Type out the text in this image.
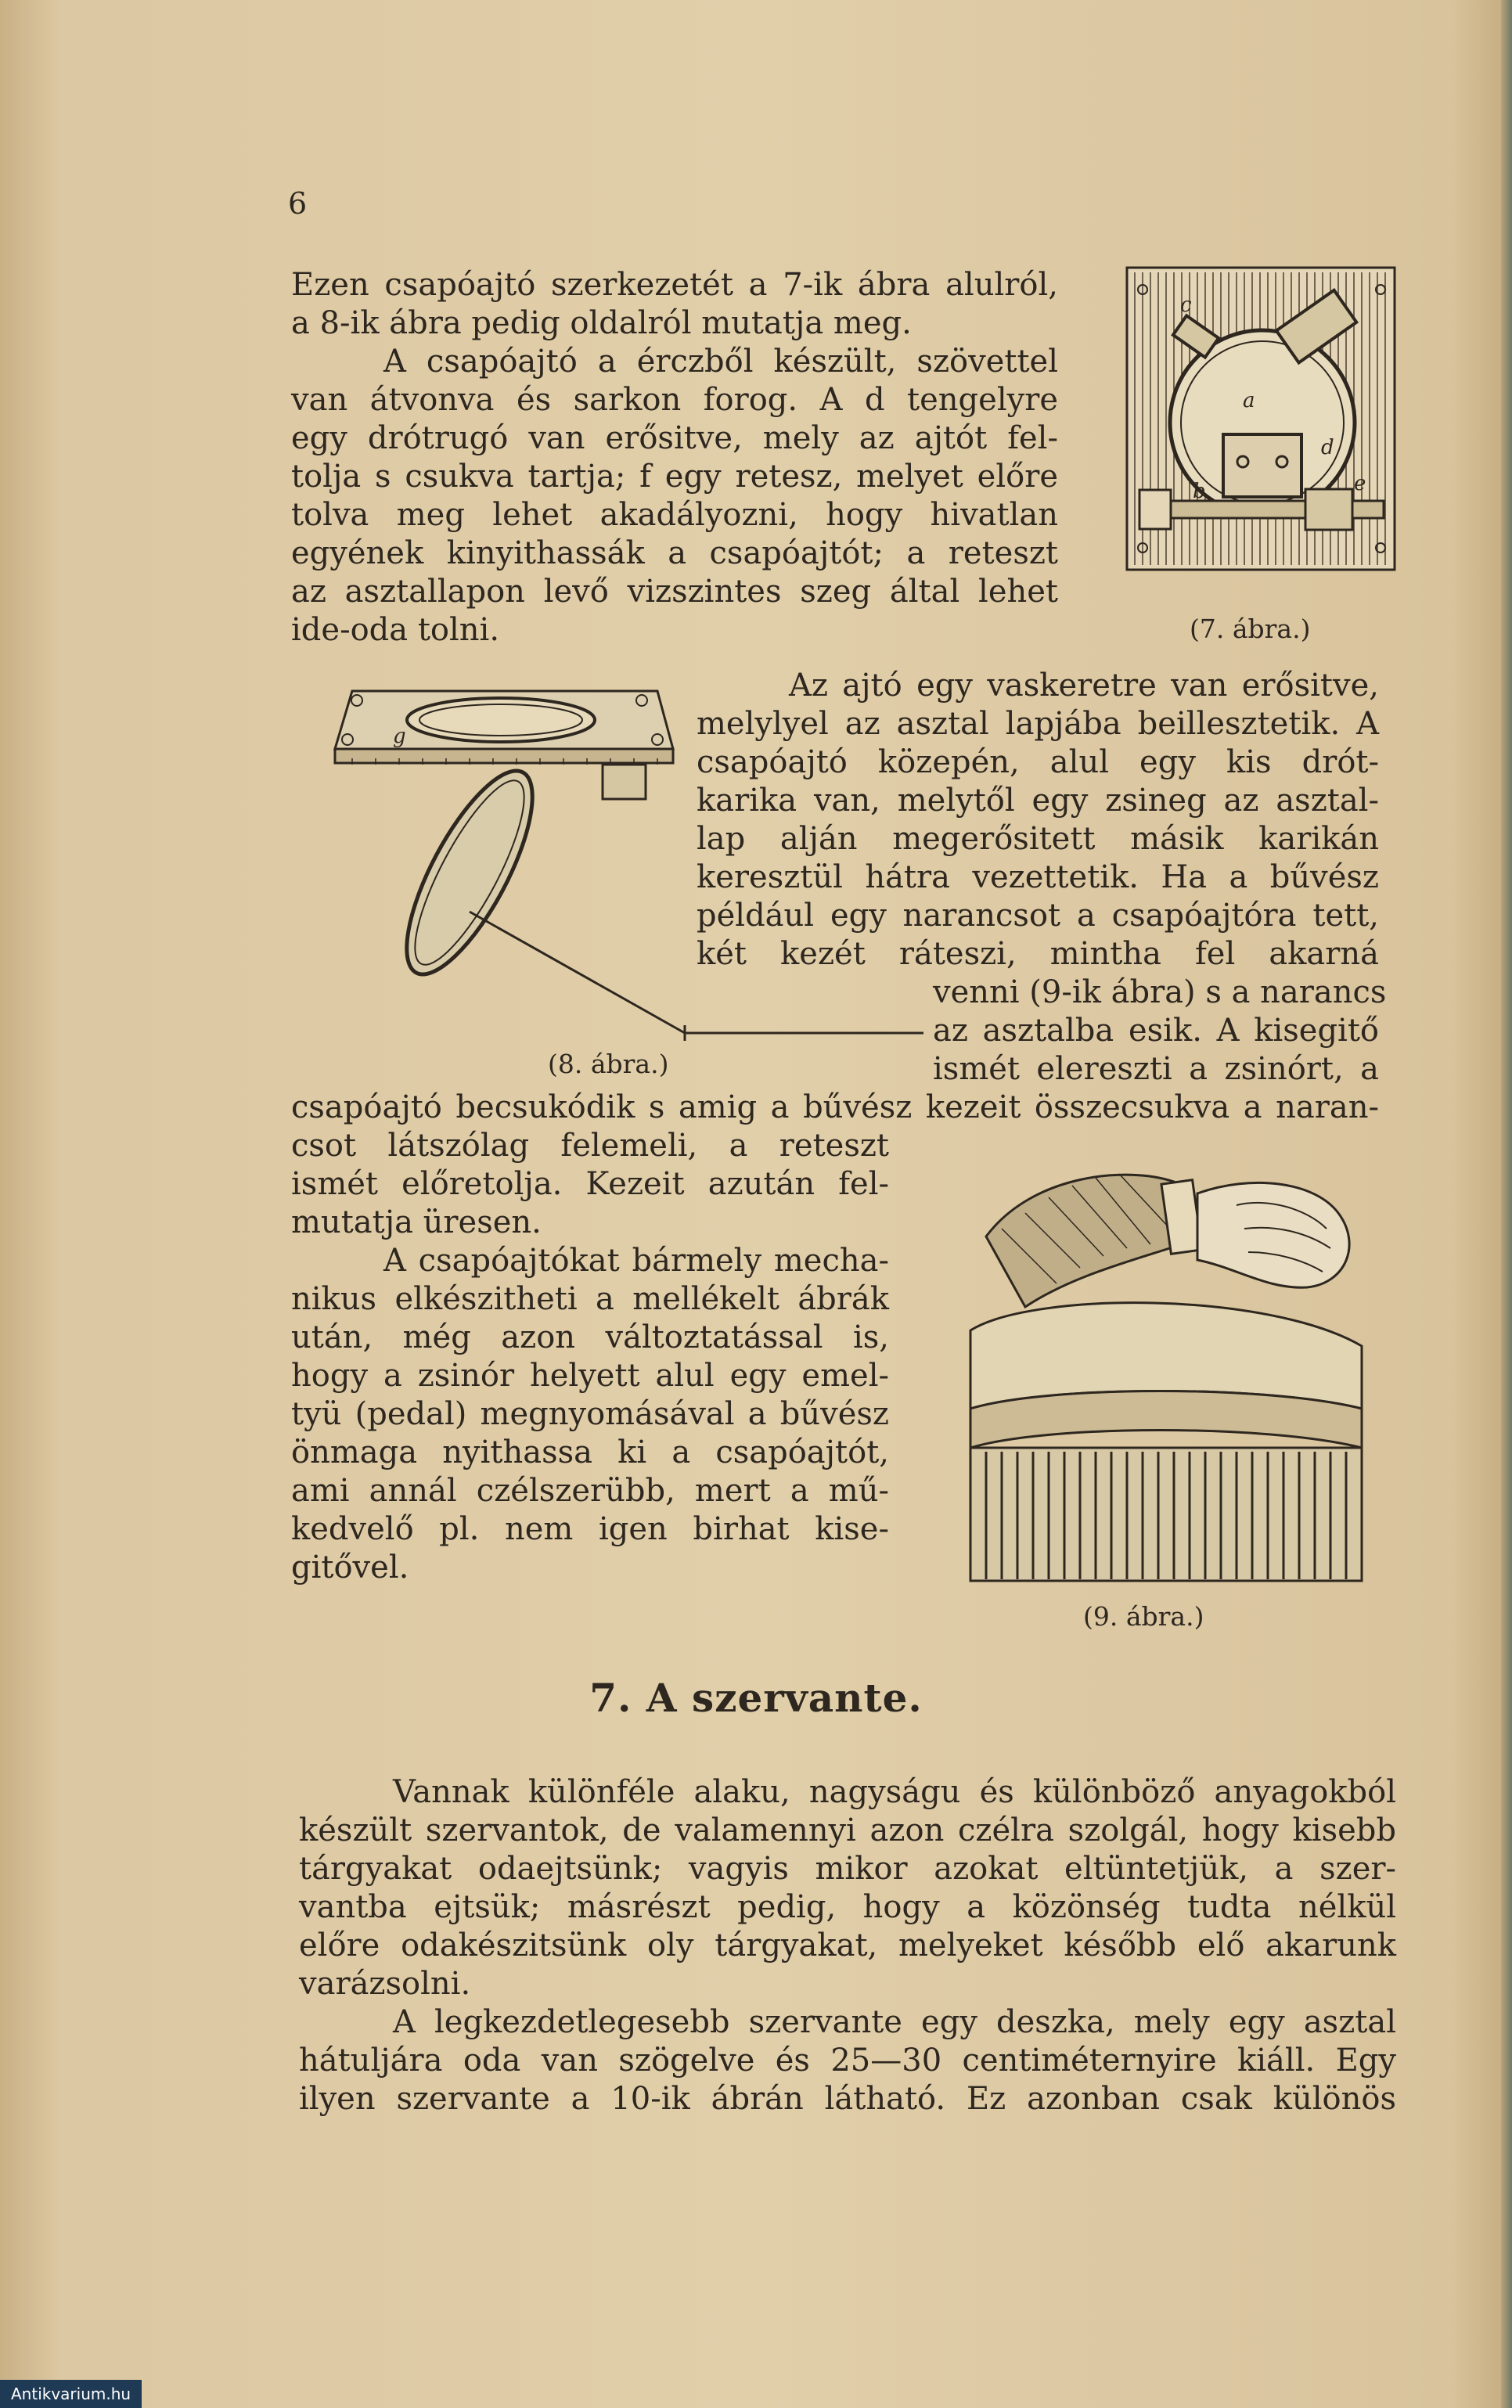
6
Ezen csapóajtó szerkezetét a 7-ik ábra alulról,
a 8-ik ábra pedig oldalról mutatja meg.
A csapóajtó a érczből készült, szövettel
van átvonva és sarkon forog. A d tengelyre
egy drótrugó van erősitve, mely az ajtót fel-
tolja s csukva tartja; f egy retesz, melyet előre
tolva meg lehet akadályozni, hogy hivatlan
egyének kinyithassák a csapóajtót; a reteszt
az asztallapon levő vizszintes szeg által lehet
ide-oda tolni.
c
a
d
b	e
(7. ábra.)
g
(8. ábra.)
Az ajtó egy vaskeretre van erősitve,
melylyel az asztal lapjába beillesztetik. A
csapóajtó közepén, alul egy kis drót-
karika van, melytől egy zsineg az asztal-
lap alján megerősitett másik karikán
keresztül hátra vezettetik. Ha a bűvész
például egy narancsot a csapóajtóra tett,
két kezét ráteszi, mintha fel akarná
venni (9-ik ábra) s a narancs
az asztalba esik. A kisegitő
ismét elereszti a zsinórt, a
csapóajtó becsukódik s amig a bűvész kezeit összecsukva a naran-
csot látszólag felemeli, a reteszt
ismét előretolja. Kezeit azután fel-
mutatja üresen.
A csapóajtókat bármely mecha-
nikus elkészitheti a mellékelt ábrák
után, még azon változtatással is,
hogy a zsinór helyett alul egy emel-
tyü (pedal) megnyomásával a bűvész
önmaga nyithassa ki a csapóajtót,
ami annál czélszerübb, mert a mű-
kedvelő pl. nem igen birhat kise-
gitővel.
(9. ábra.)
7. A szervante.
Vannak különféle alaku, nagyságu és különböző anyagokból
készült szervantok, de valamennyi azon czélra szolgál, hogy kisebb
tárgyakat odaejtsünk; vagyis mikor azokat eltüntetjük, a szer-
vantba ejtsük; másrészt pedig, hogy a közönség tudta nélkül
előre odakészitsünk oly tárgyakat, melyeket később elő akarunk
varázsolni.
A legkezdetlegesebb szervante egy deszka, mely egy asztal
hátuljára oda van szögelve és 25—30 centiméternyire kiáll. Egy
ilyen szervante a 10-ik ábrán látható. Ez azonban csak különös
Antikvarium.hu
